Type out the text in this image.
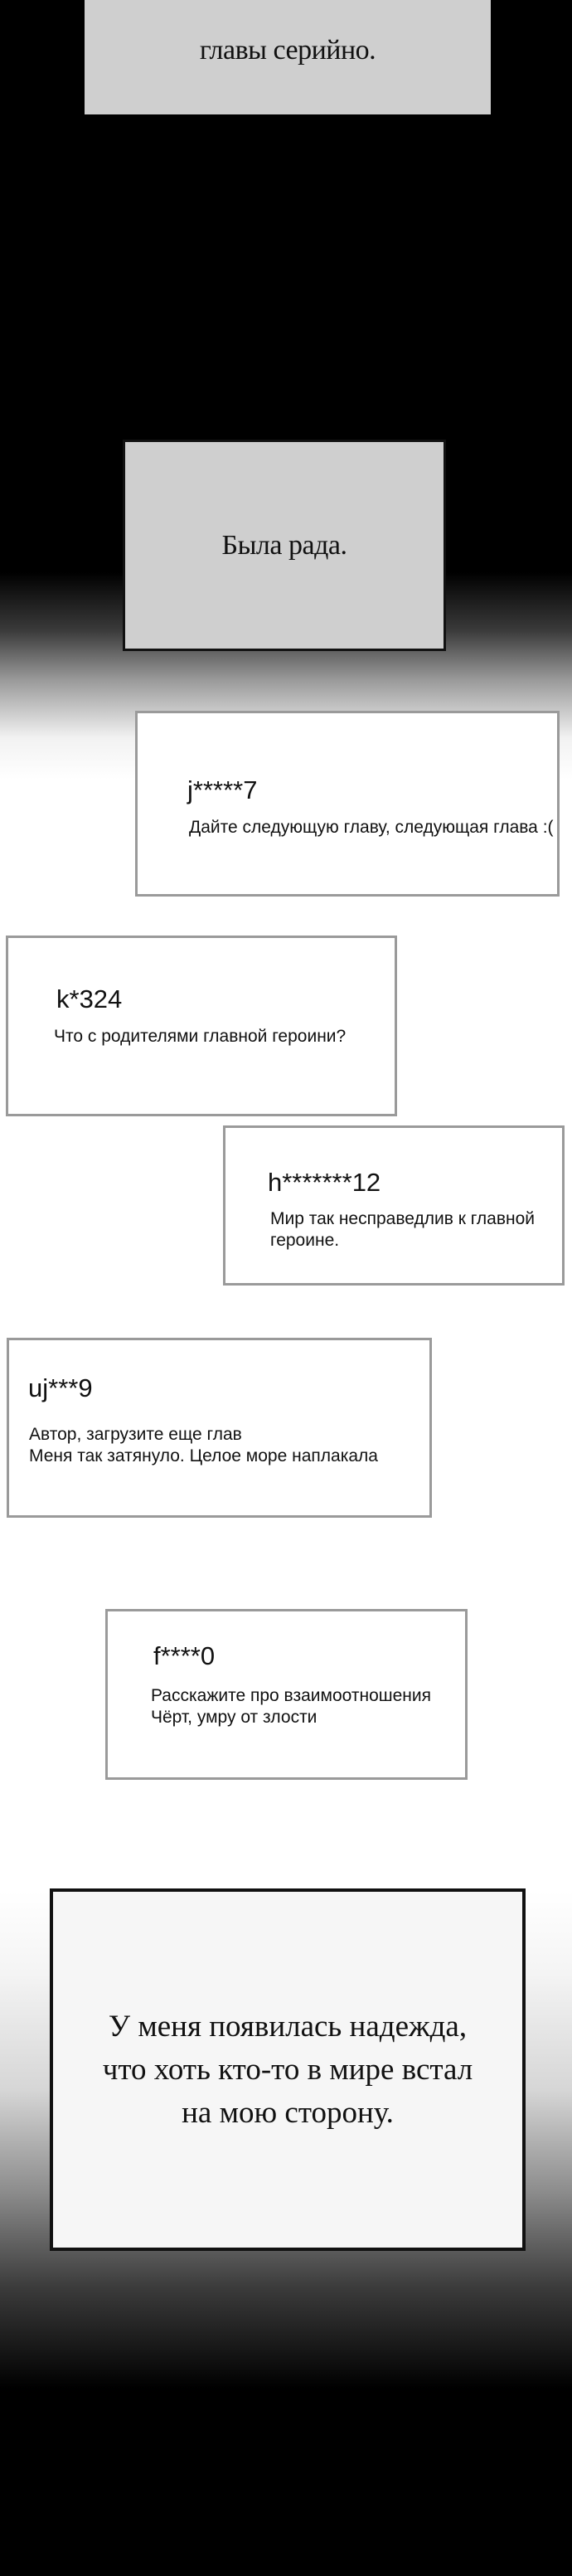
главы серийно.
Была рада.
j*****7
Дайте следующую главу, следующая глава :(
k*324
Что с родителями главной героини?
h*******12
Мир так несправедлив к главной
героине.
uj***9
Автор, загрузите еще глав
Меня так затянуло. Целое море наплакала
f****0
Расскажите про взаимоотношения
Чёрт, умру от злости
У меня появилась надежда,
что хоть кто-то в мире встал
на мою сторону.
